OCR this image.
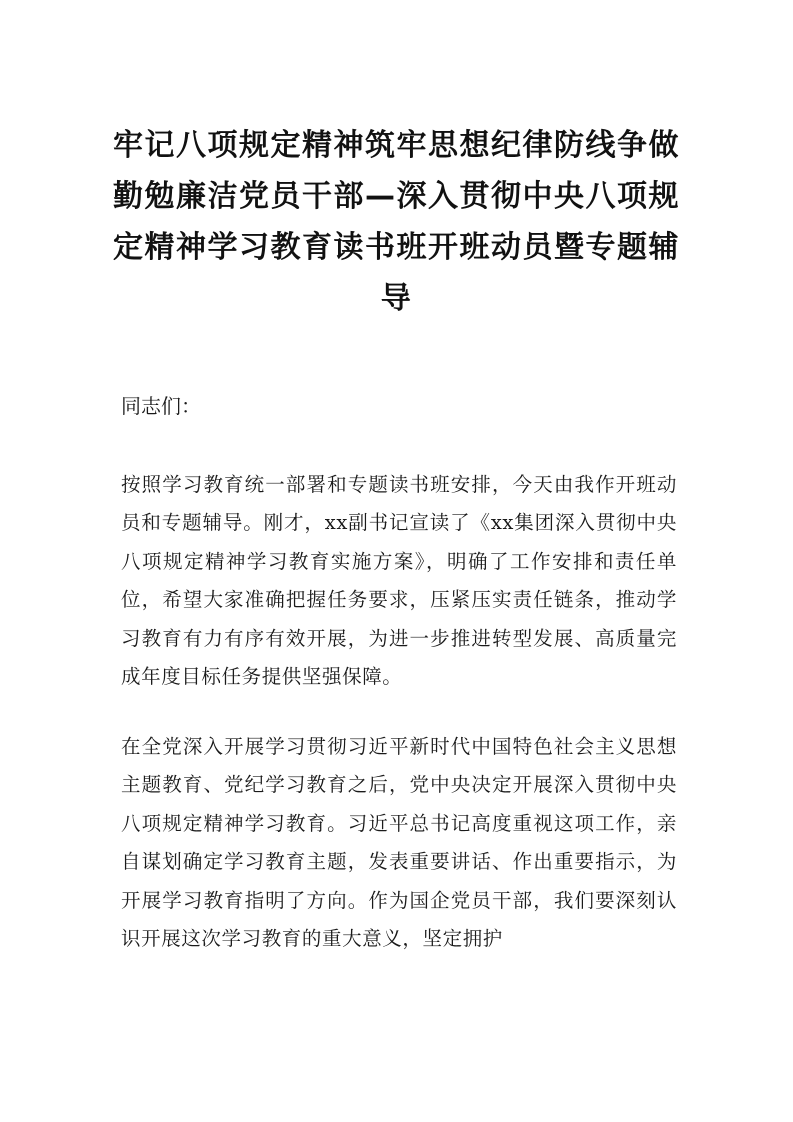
牢记八项规定精神筑牢思想纪律防线争做勤勉廉洁党员干部—深入贯彻中央八项规定精神学习教育读书班开班动员暨专题辅导

同志们：

按照学习教育统一部署和专题读书班安排，今天由我作开班动员和专题辅导。刚才，xx副书记宣读了《xx集团深入贯彻中央八项规定精神学习教育实施方案》，明确了工作安排和责任单位，希望大家准确把握任务要求，压紧压实责任链条，推动学习教育有力有序有效开展，为进一步推进转型发展、高质量完成年度目标任务提供坚强保障。

在全党深入开展学习贯彻习近平新时代中国特色社会主义思想主题教育、党纪学习教育之后，党中央决定开展深入贯彻中央八项规定精神学习教育。习近平总书记高度重视这项工作，亲自谋划确定学习教育主题，发表重要讲话、作出重要指示，为开展学习教育指明了方向。作为国企党员干部，我们要深刻认识开展这次学习教育的重大意义，坚定拥护
